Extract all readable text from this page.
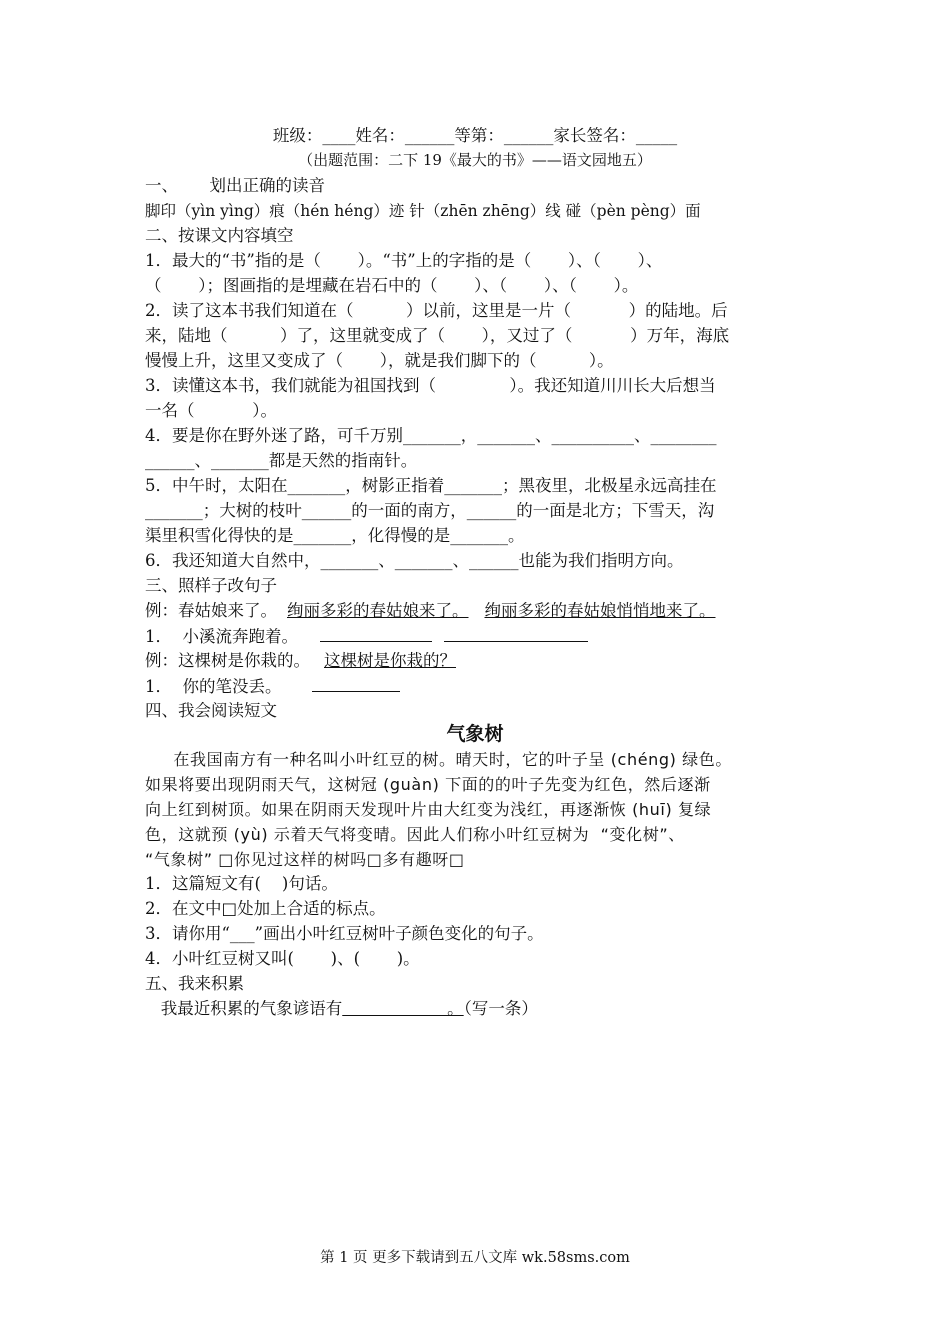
班级：____姓名：______等第：______家长签名：_____
（出题范围：二下 19《最大的书》——语文园地五）
一、      划出正确的读音
脚印（yìn yìng）痕（hén héng）迹 针（zhēn zhēng）线 碰（pèn pèng）面
二、按课文内容填空
1．最大的“书”指的是（       ）。“书”上的字指的是（       ）、（       ）、
（       ）；图画指的是埋藏在岩石中的（       ）、（       ）、（       ）。
2．读了这本书我们知道在（          ）以前，这里是一片（           ）的陆地。后
来，陆地（          ）了，这里就变成了（       ），又过了（           ）万年，海底
慢慢上升，这里又变成了（       ），就是我们脚下的（          ）。
3．读懂这本书，我们就能为祖国找到（              ）。我还知道川川长大后想当
一名（           ）。
4．要是你在野外迷了路，可千万别_______，_______、__________、________
______、_______都是天然的指南针。
5．中午时，太阳在_______，树影正指着_______；黑夜里，北极星永远高挂在
_______；大树的枝叶______的一面的南方，______的一面是北方；下雪天，沟
渠里积雪化得快的是_______，化得慢的是_______。
6．我还知道大自然中，_______、_______、______也能为我们指明方向。
三、照样子改句子
例：春姑娘来了。 绚丽多彩的春姑娘来了。 绚丽多彩的春姑娘悄悄地来了。
1．  小溪流奔跑着。
例：这棵树是你栽的。 这棵树是你栽的？
1．  你的笔没丢。
四、我会阅读短文
气象树
在我国南方有一种名叫小叶红豆的树。晴天时，它的叶子呈 (chéng) 绿色。
如果将要出现阴雨天气，这树冠 (guàn) 下面的的叶子先变为红色，然后逐渐
向上红到树顶。如果在阴雨天发现叶片由大红变为浅红，再逐渐恢 (huī) 复绿
色，这就预 (yù) 示着天气将变晴。因此人们称小叶红豆树为  “变化树”、
“气象树” □你见过这样的树吗□多有趣呀□
1．这篇短文有(    )句话。
2．在文中□处加上合适的标点。
3．请你用“___”画出小叶红豆树叶子颜色变化的句子。
4．小叶红豆树又叫(       )、(       )。
五、我来积累
我最近积累的气象谚语有                    。（写一条）
第 1 页 更多下载请到五八文库 wk.58sms.com
